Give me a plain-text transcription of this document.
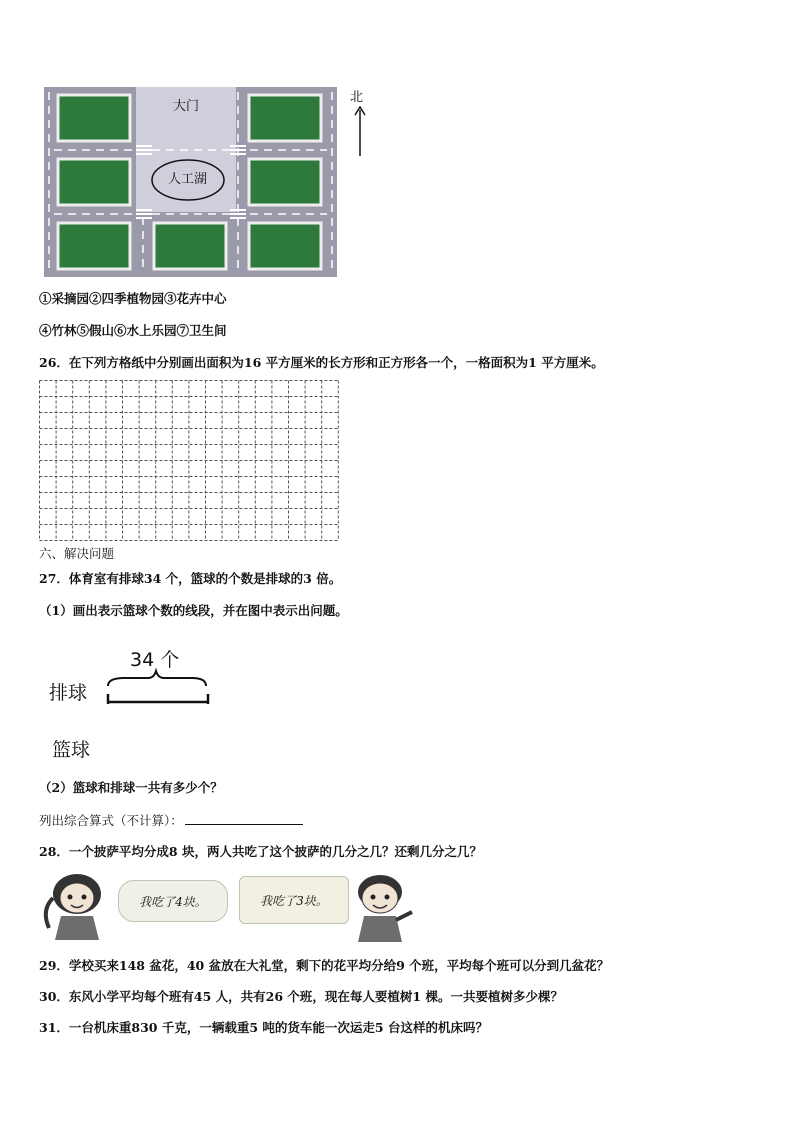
大门
人工湖
北
①采摘园②四季植物园③花卉中心
④竹林⑤假山⑥水上乐园⑦卫生间
26．在下列方格纸中分别画出面积为16 平方厘米的长方形和正方形各一个，一格面积为1 平方厘米。
六、解决问题
27．体育室有排球34 个，篮球的个数是排球的3 倍。
（1）画出表示篮球个数的线段，并在图中表示出问题。
34 个
排球
篮球
（2）篮球和排球一共有多少个？
列出综合算式（不计算）：
28．一个披萨平均分成8 块，两人共吃了这个披萨的几分之几？还剩几分之几？
我吃了4块。	我吃了3块。
29．学校买来148 盆花，40 盆放在大礼堂，剩下的花平均分给9 个班，平均每个班可以分到几盆花？
30．东风小学平均每个班有45 人，共有26 个班，现在每人要植树1 棵。一共要植树多少棵？
31．一台机床重830 千克，一辆载重5 吨的货车能一次运走5 台这样的机床吗？
